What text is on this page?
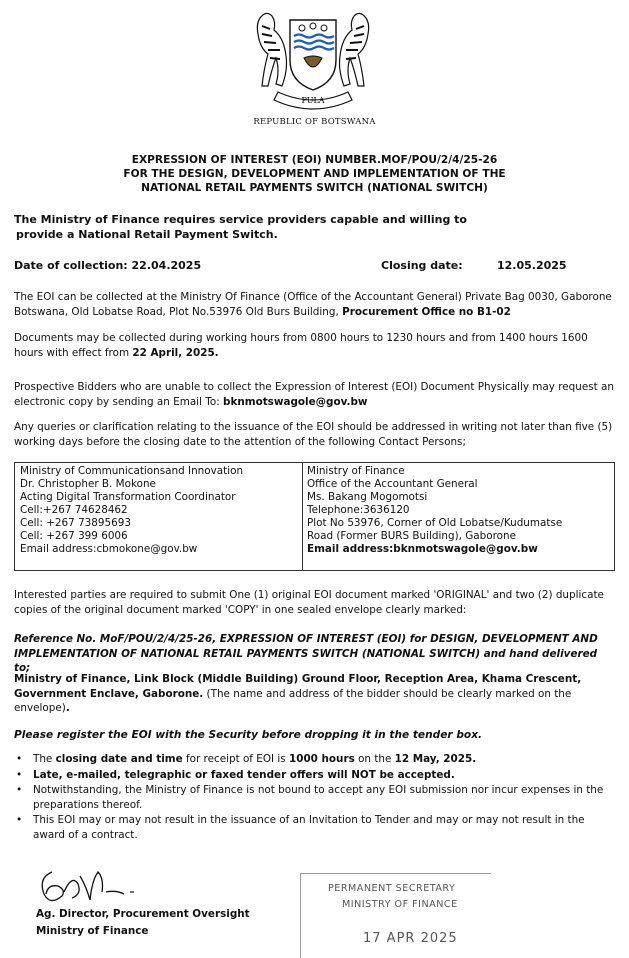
PULA
REPUBLIC OF BOTSWANA
EXPRESSION OF INTEREST (EOI) NUMBER.MOF/POU/2/4/25-26
FOR THE DESIGN, DEVELOPMENT AND IMPLEMENTATION OF THE
NATIONAL RETAIL PAYMENTS SWITCH (NATIONAL SWITCH)
The Ministry of Finance requires service providers capable and willing to
provide a National Retail Payment Switch.
Date of collection: 22.04.2025	Closing date:	12.05.2025
The EOI can be collected at the Ministry Of Finance (Office of the Accountant General) Private Bag 0030, Gaborone Botswana, Old Lobatse Road, Plot No.53976 Old Burs Building, Procurement Office no B1-02
Documents may be collected during working hours from 0800 hours to 1230 hours and from 1400 hours 1600 hours with effect from 22 April, 2025.
Prospective Bidders who are unable to collect the Expression of Interest (EOI) Document Physically may request an electronic copy by sending an Email To: bknmotswagole@gov.bw
Any queries or clarification relating to the issuance of the EOI should be addressed in writing not later than five (5) working days before the closing date to the attention of the following Contact Persons;
Ministry of Communicationsand Innovation
Dr. Christopher B. Mokone
Acting Digital Transformation Coordinator
Cell:+267 74628462
Cell: +267 73895693
Cell: +267 399 6006
Email address:cbmokone@gov.bw
Ministry of Finance
Office of the Accountant General
Ms. Bakang Mogomotsi
Telephone:3636120
Plot No 53976, Corner of Old Lobatse/Kudumatse
Road (Former BURS Building), Gaborone
Email address:bknmotswagole@gov.bw
Interested parties are required to submit One (1) original EOI document marked 'ORIGINAL' and two (2) duplicate copies of the original document marked 'COPY' in one sealed envelope clearly marked:
Reference No. MoF/POU/2/4/25-26, EXPRESSION OF INTEREST (EOI) for DESIGN, DEVELOPMENT AND IMPLEMENTATION OF NATIONAL RETAIL PAYMENTS SWITCH (NATIONAL SWITCH) and hand delivered to;
Ministry of Finance, Link Block (Middle Building) Ground Floor, Reception Area, Khama Crescent, Government Enclave, Gaborone. (The name and address of the bidder should be clearly marked on the envelope).
Please register the EOI with the Security before dropping it in the tender box.
• The closing date and time for receipt of EOI is 1000 hours on the 12 May, 2025.
• Late, e-mailed, telegraphic or faxed tender offers will NOT be accepted.
• Notwithstanding, the Ministry of Finance is not bound to accept any EOI submission nor incur expenses in the preparations thereof.
• This EOI may or may not result in the issuance of an Invitation to Tender and may or may not result in the award of a contract.
Ag. Director, Procurement Oversight
Ministry of Finance
PERMANENT SECRETARY
MINISTRY OF FINANCE
17 APR 2025
